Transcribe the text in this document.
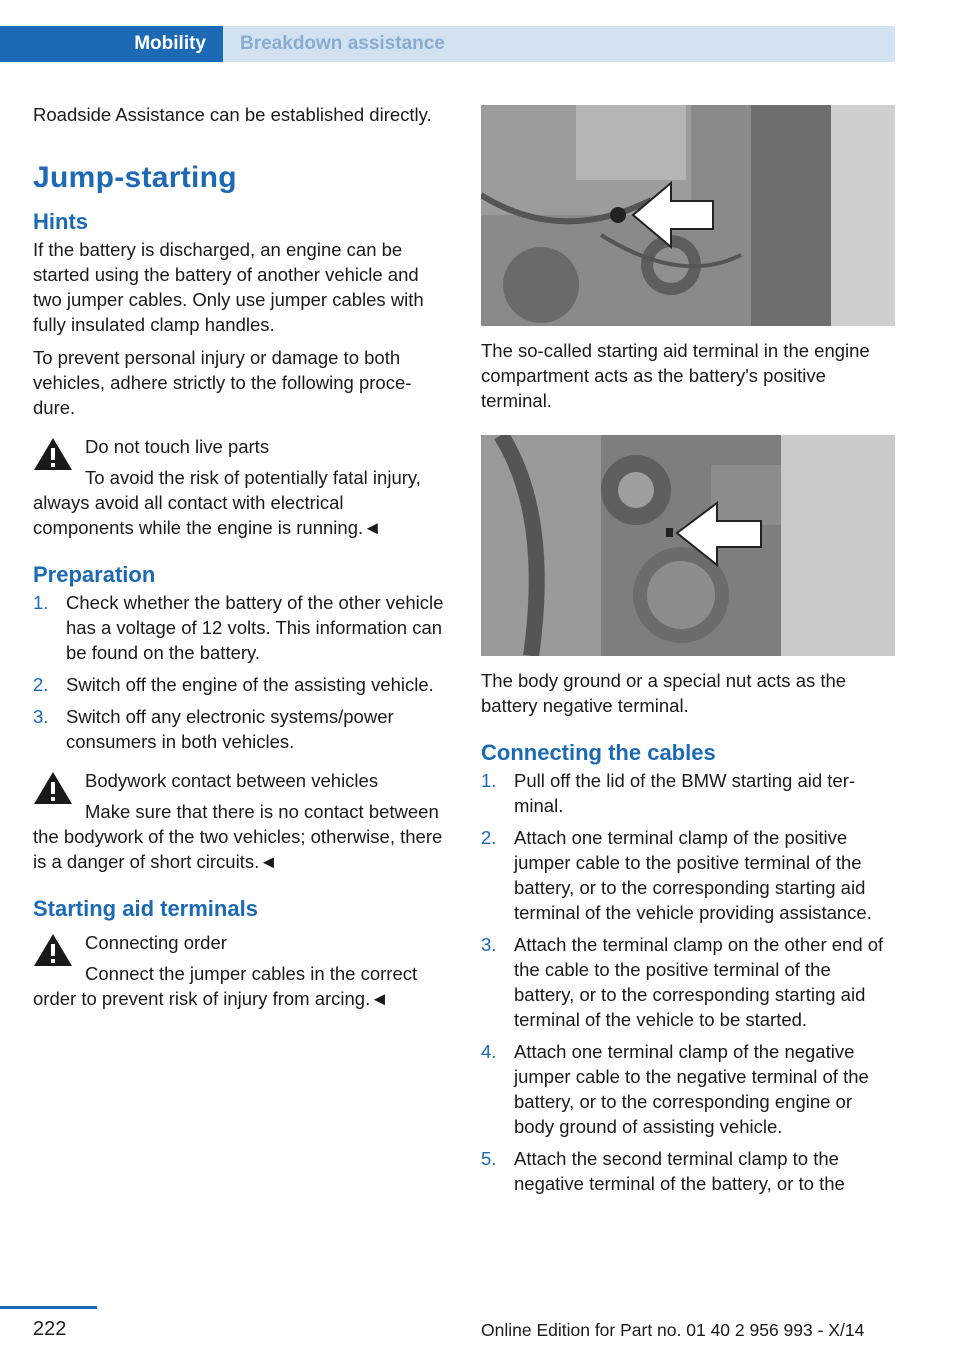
Mobility Breakdown assistance

Roadside Assistance can be established directly.

Jump-starting
Hints

If the battery is discharged, an engine can be started using the battery of another vehicle and two jumper cables. Only use jumper cables with fully insulated clamp handles.

To prevent personal injury or damage to both vehicles, adhere strictly to the following procedure.

Do not touch live parts

To avoid the risk of potentially fatal injury, always avoid all contact with electrical components while the engine is running.◄

Preparation
1. Check whether the battery of the other vehicle has a voltage of 12 volts. This information can be found on the battery.
2. Switch off the engine of the assisting vehicle.
3. Switch off any electronic systems/power consumers in both vehicles.

Bodywork contact between vehicles

Make sure that there is no contact between the bodywork of the two vehicles; otherwise, there is a danger of short circuits.◄

Starting aid terminals

Connecting order

Connect the jumper cables in the correct order to prevent risk of injury from arcing.◄

The so-called starting aid terminal in the engine compartment acts as the battery's positive terminal.

The body ground or a special nut acts as the battery negative terminal.

Connecting the cables
1. Pull off the lid of the BMW starting aid terminal.
2. Attach one terminal clamp of the positive jumper cable to the positive terminal of the battery, or to the corresponding starting aid terminal of the vehicle providing assistance.
3. Attach the terminal clamp on the other end of the cable to the positive terminal of the battery, or to the corresponding starting aid terminal of the vehicle to be started.
4. Attach one terminal clamp of the negative jumper cable to the negative terminal of the battery, or to the corresponding engine or body ground of assisting vehicle.
5. Attach the second terminal clamp to the negative terminal of the battery, or to the
222	Online Edition for Part no. 01 40 2 956 993 - X/14
